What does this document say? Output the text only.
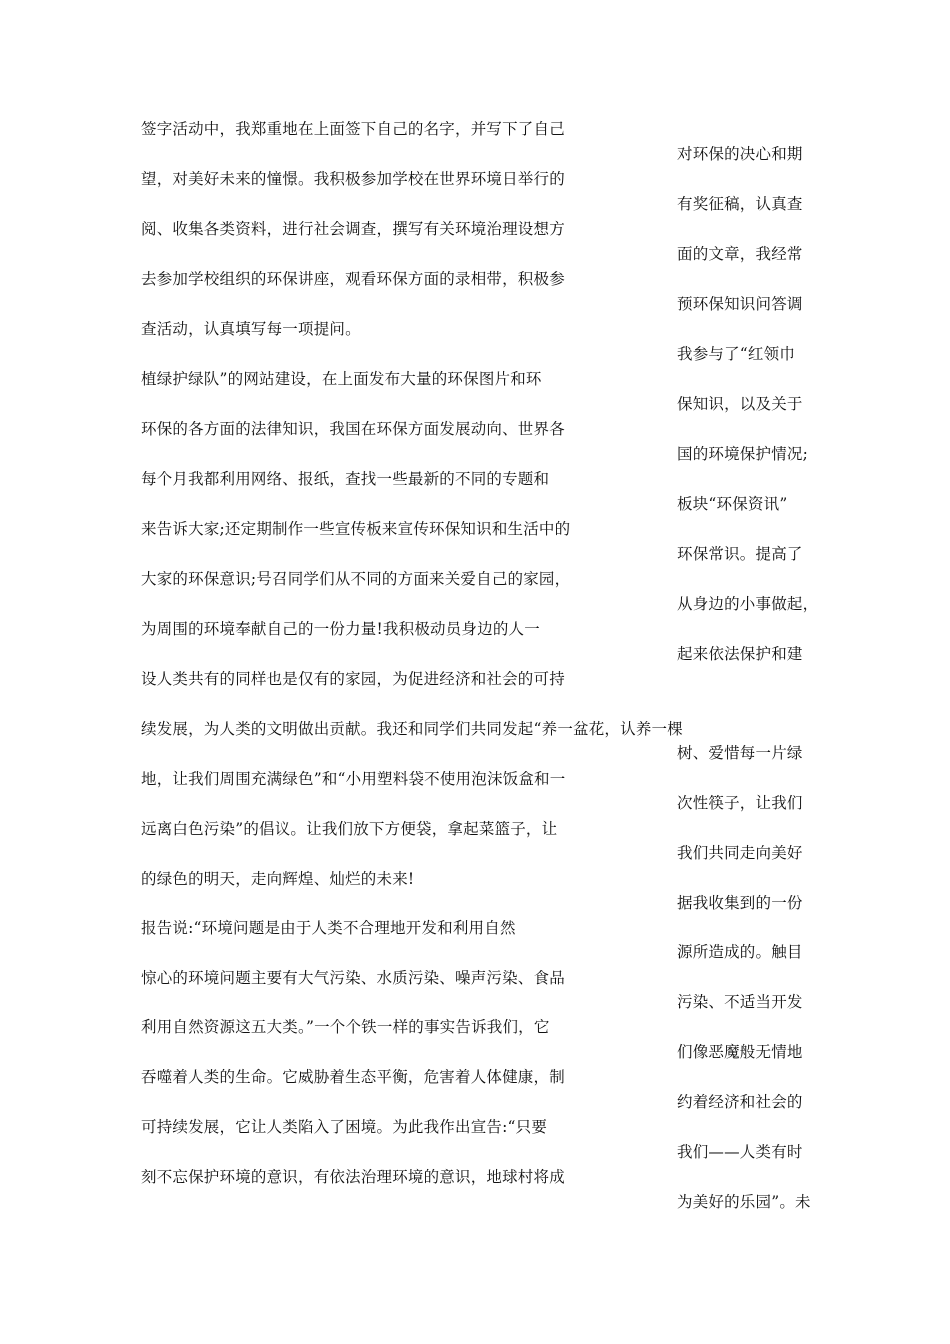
签字活动中，我郑重地在上面签下自己的名字，并写下了自己
望，对美好未来的憧憬。我积极参加学校在世界环境日举行的
阅、收集各类资料，进行社会调查，撰写有关环境治理设想方
去参加学校组织的环保讲座，观看环保方面的录相带，积极参
查活动，认真填写每一项提问。
植绿护绿队”的网站建设，在上面发布大量的环保图片和环
环保的各方面的法律知识，我国在环保方面发展动向、世界各
每个月我都利用网络、报纸，查找一些最新的不同的专题和
来告诉大家;还定期制作一些宣传板来宣传环保知识和生活中的
大家的环保意识;号召同学们从不同的方面来关爱自己的家园，
为周围的环境奉献自己的一份力量!我积极动员身边的人一
设人类共有的同样也是仅有的家园，为促进经济和社会的可持
续发展，为人类的文明做出贡献。我还和同学们共同发起“养一盆花，认养一棵
地，让我们周围充满绿色”和“小用塑料袋不使用泡沫饭盒和一
远离白色污染”的倡议。让我们放下方便袋，拿起菜篮子，让
的绿色的明天，走向辉煌、灿烂的未来!
报告说:“环境问题是由于人类不合理地开发和利用自然
惊心的环境问题主要有大气污染、水质污染、噪声污染、食品
利用自然资源这五大类。”一个个铁一样的事实告诉我们，它
吞噬着人类的生命。它威胁着生态平衡，危害着人体健康，制
可持续发展，它让人类陷入了困境。为此我作出宣告:“只要
刻不忘保护环境的意识，有依法治理环境的意识，地球村将成
对环保的决心和期
有奖征稿，认真查
面的文章，我经常
预环保知识问答调
我参与了“红领巾
保知识，以及关于
国的环境保护情况;
板块“环保资讯”
环保常识。提高了
从身边的小事做起，
起来依法保护和建
树、爱惜每一片绿
次性筷子，让我们
我们共同走向美好
据我收集到的一份
源所造成的。触目
污染、不适当开发
们像恶魔般无情地
约着经济和社会的
我们——人类有时
为美好的乐园”。未
